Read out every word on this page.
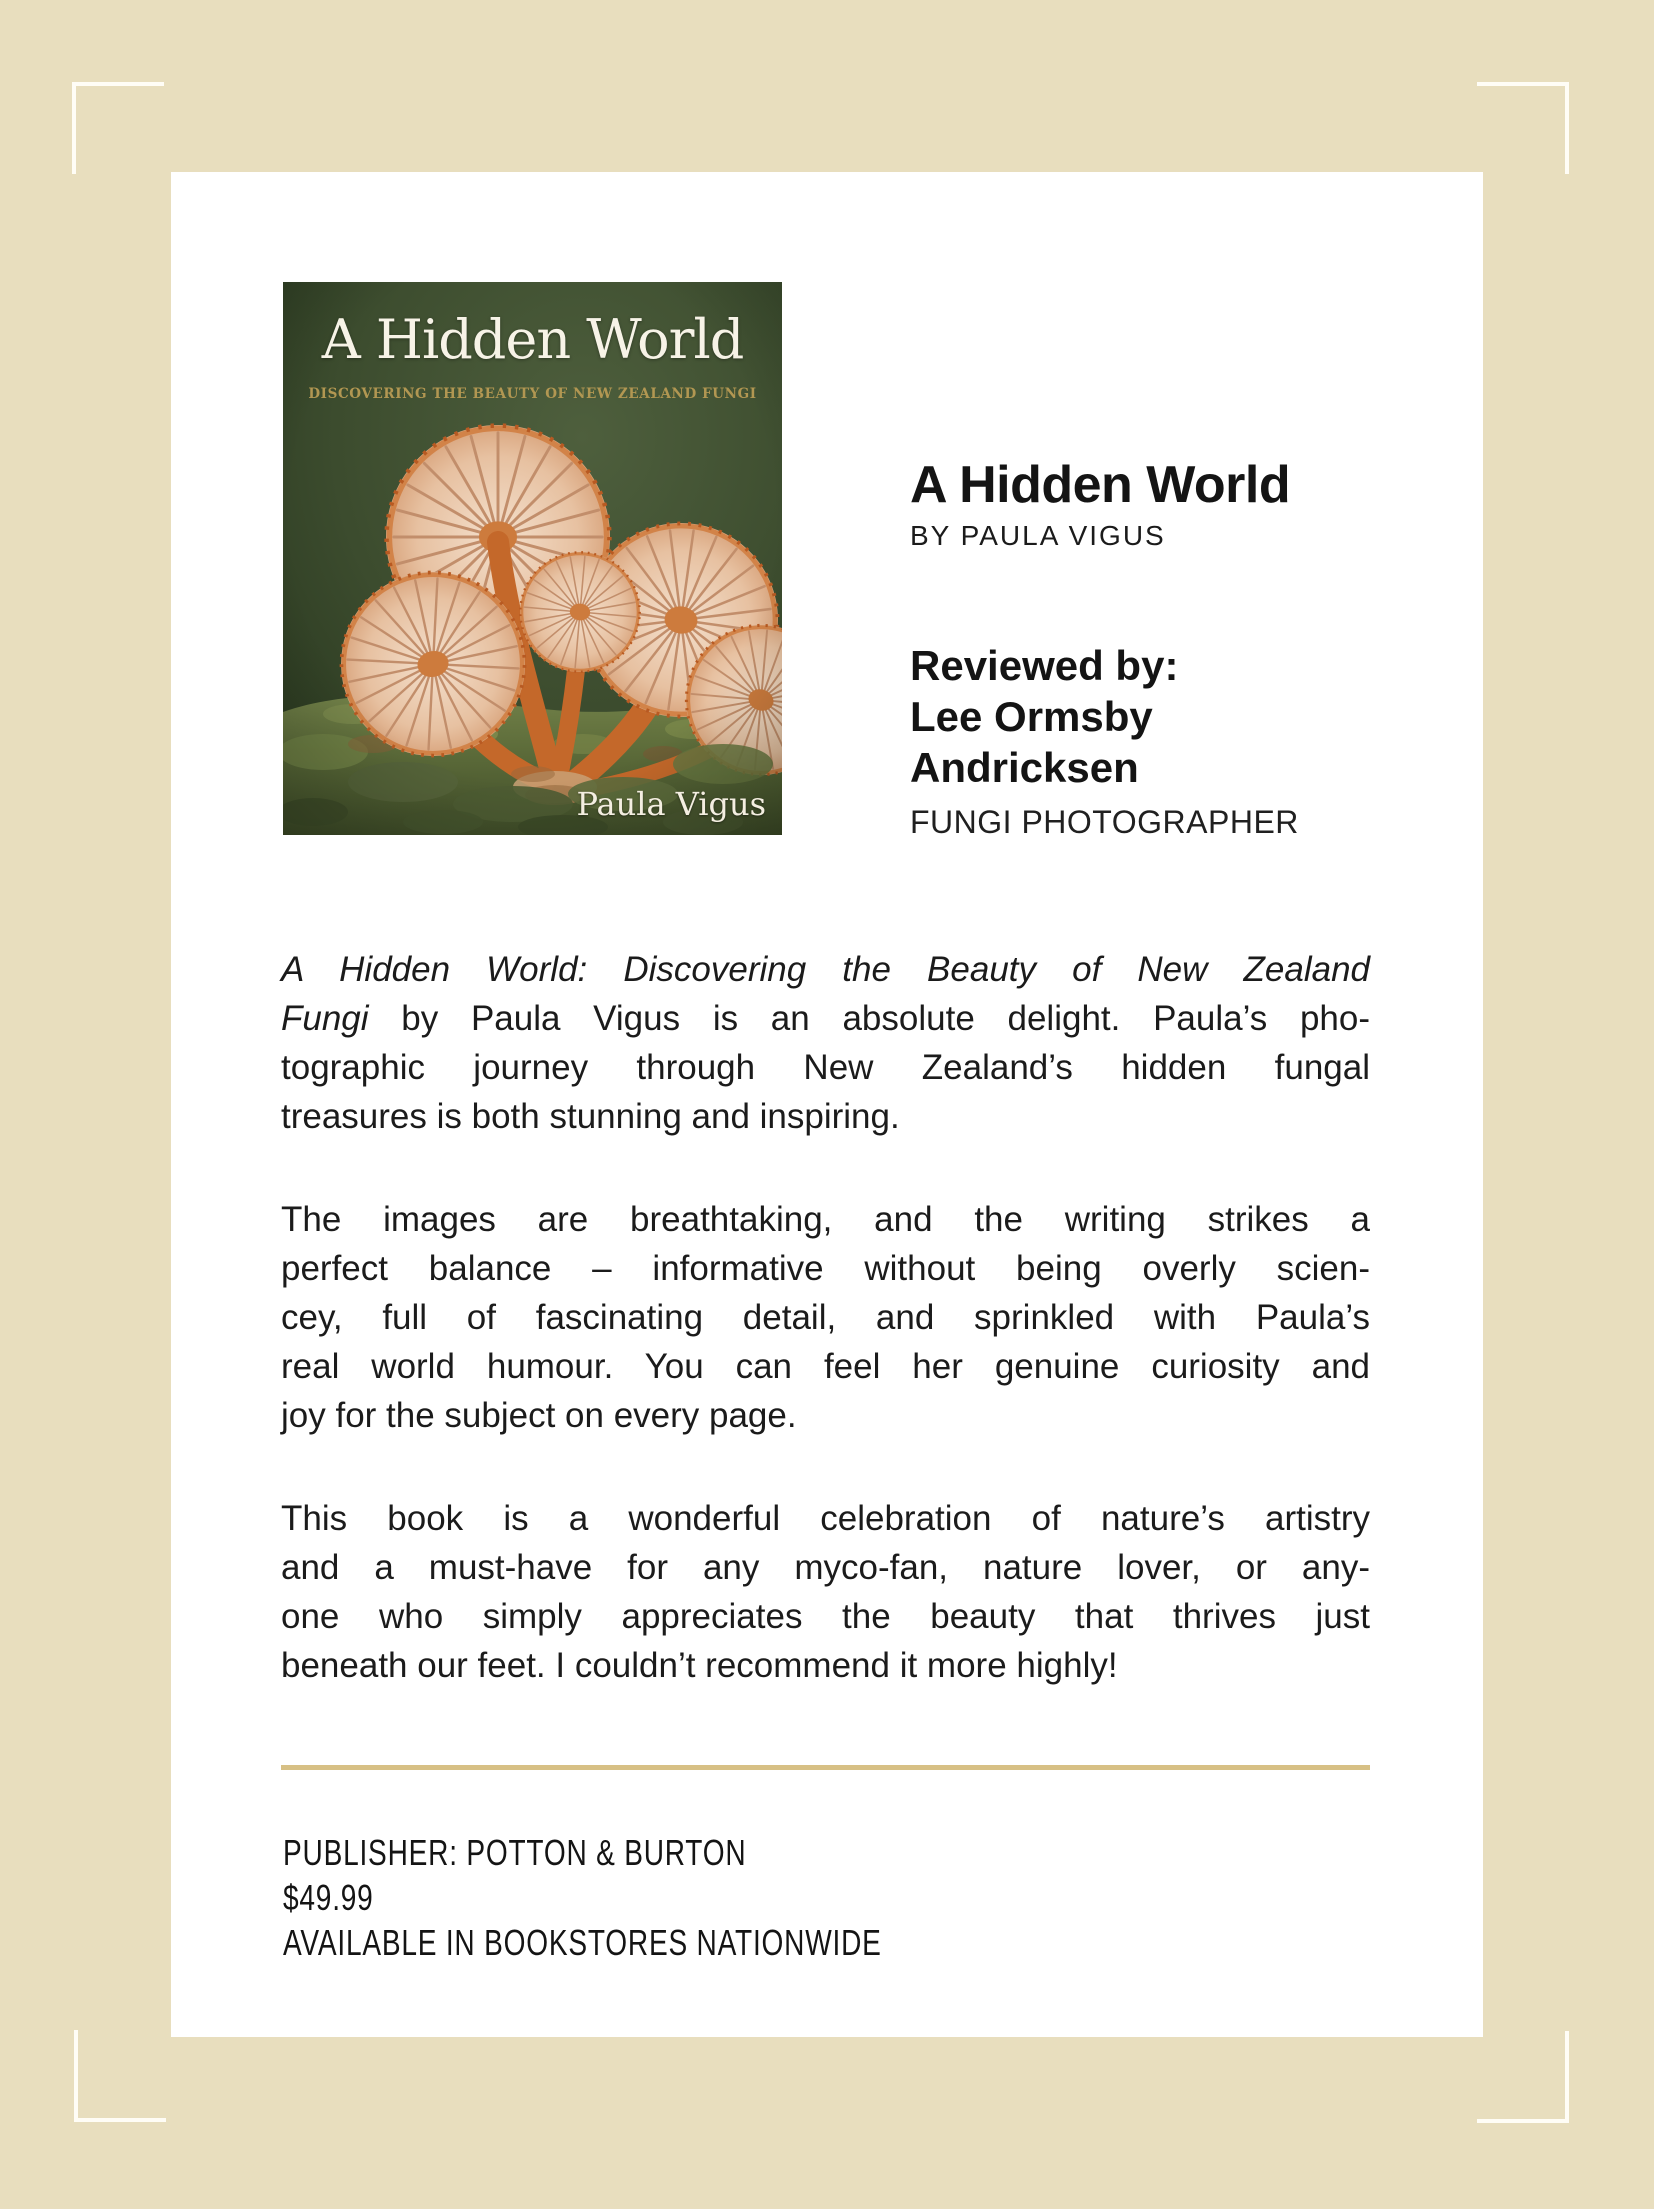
A Hidden World
DISCOVERING THE BEAUTY OF NEW ZEALAND FUNGI
Paula Vigus
A Hidden World
BY PAULA VIGUS
Reviewed by:
Lee Ormsby
Andricksen
FUNGI PHOTOGRAPHER
A Hidden World: Discovering the Beauty of New Zealand
Fungi by Paula Vigus is an absolute delight. Paula’s pho-
tographic journey through New Zealand’s hidden fungal
treasures is both stunning and inspiring.
The images are breathtaking, and the writing strikes a
perfect balance – informative without being overly scien-
cey, full of fascinating detail, and sprinkled with Paula’s
real world humour. You can feel her genuine curiosity and
joy for the subject on every page.
This book is a wonderful celebration of nature’s artistry
and a must-have for any myco-fan, nature lover, or any-
one who simply appreciates the beauty that thrives just
beneath our feet. I couldn’t recommend it more highly!
PUBLISHER: POTTON & BURTON
$49.99
AVAILABLE IN BOOKSTORES NATIONWIDE
